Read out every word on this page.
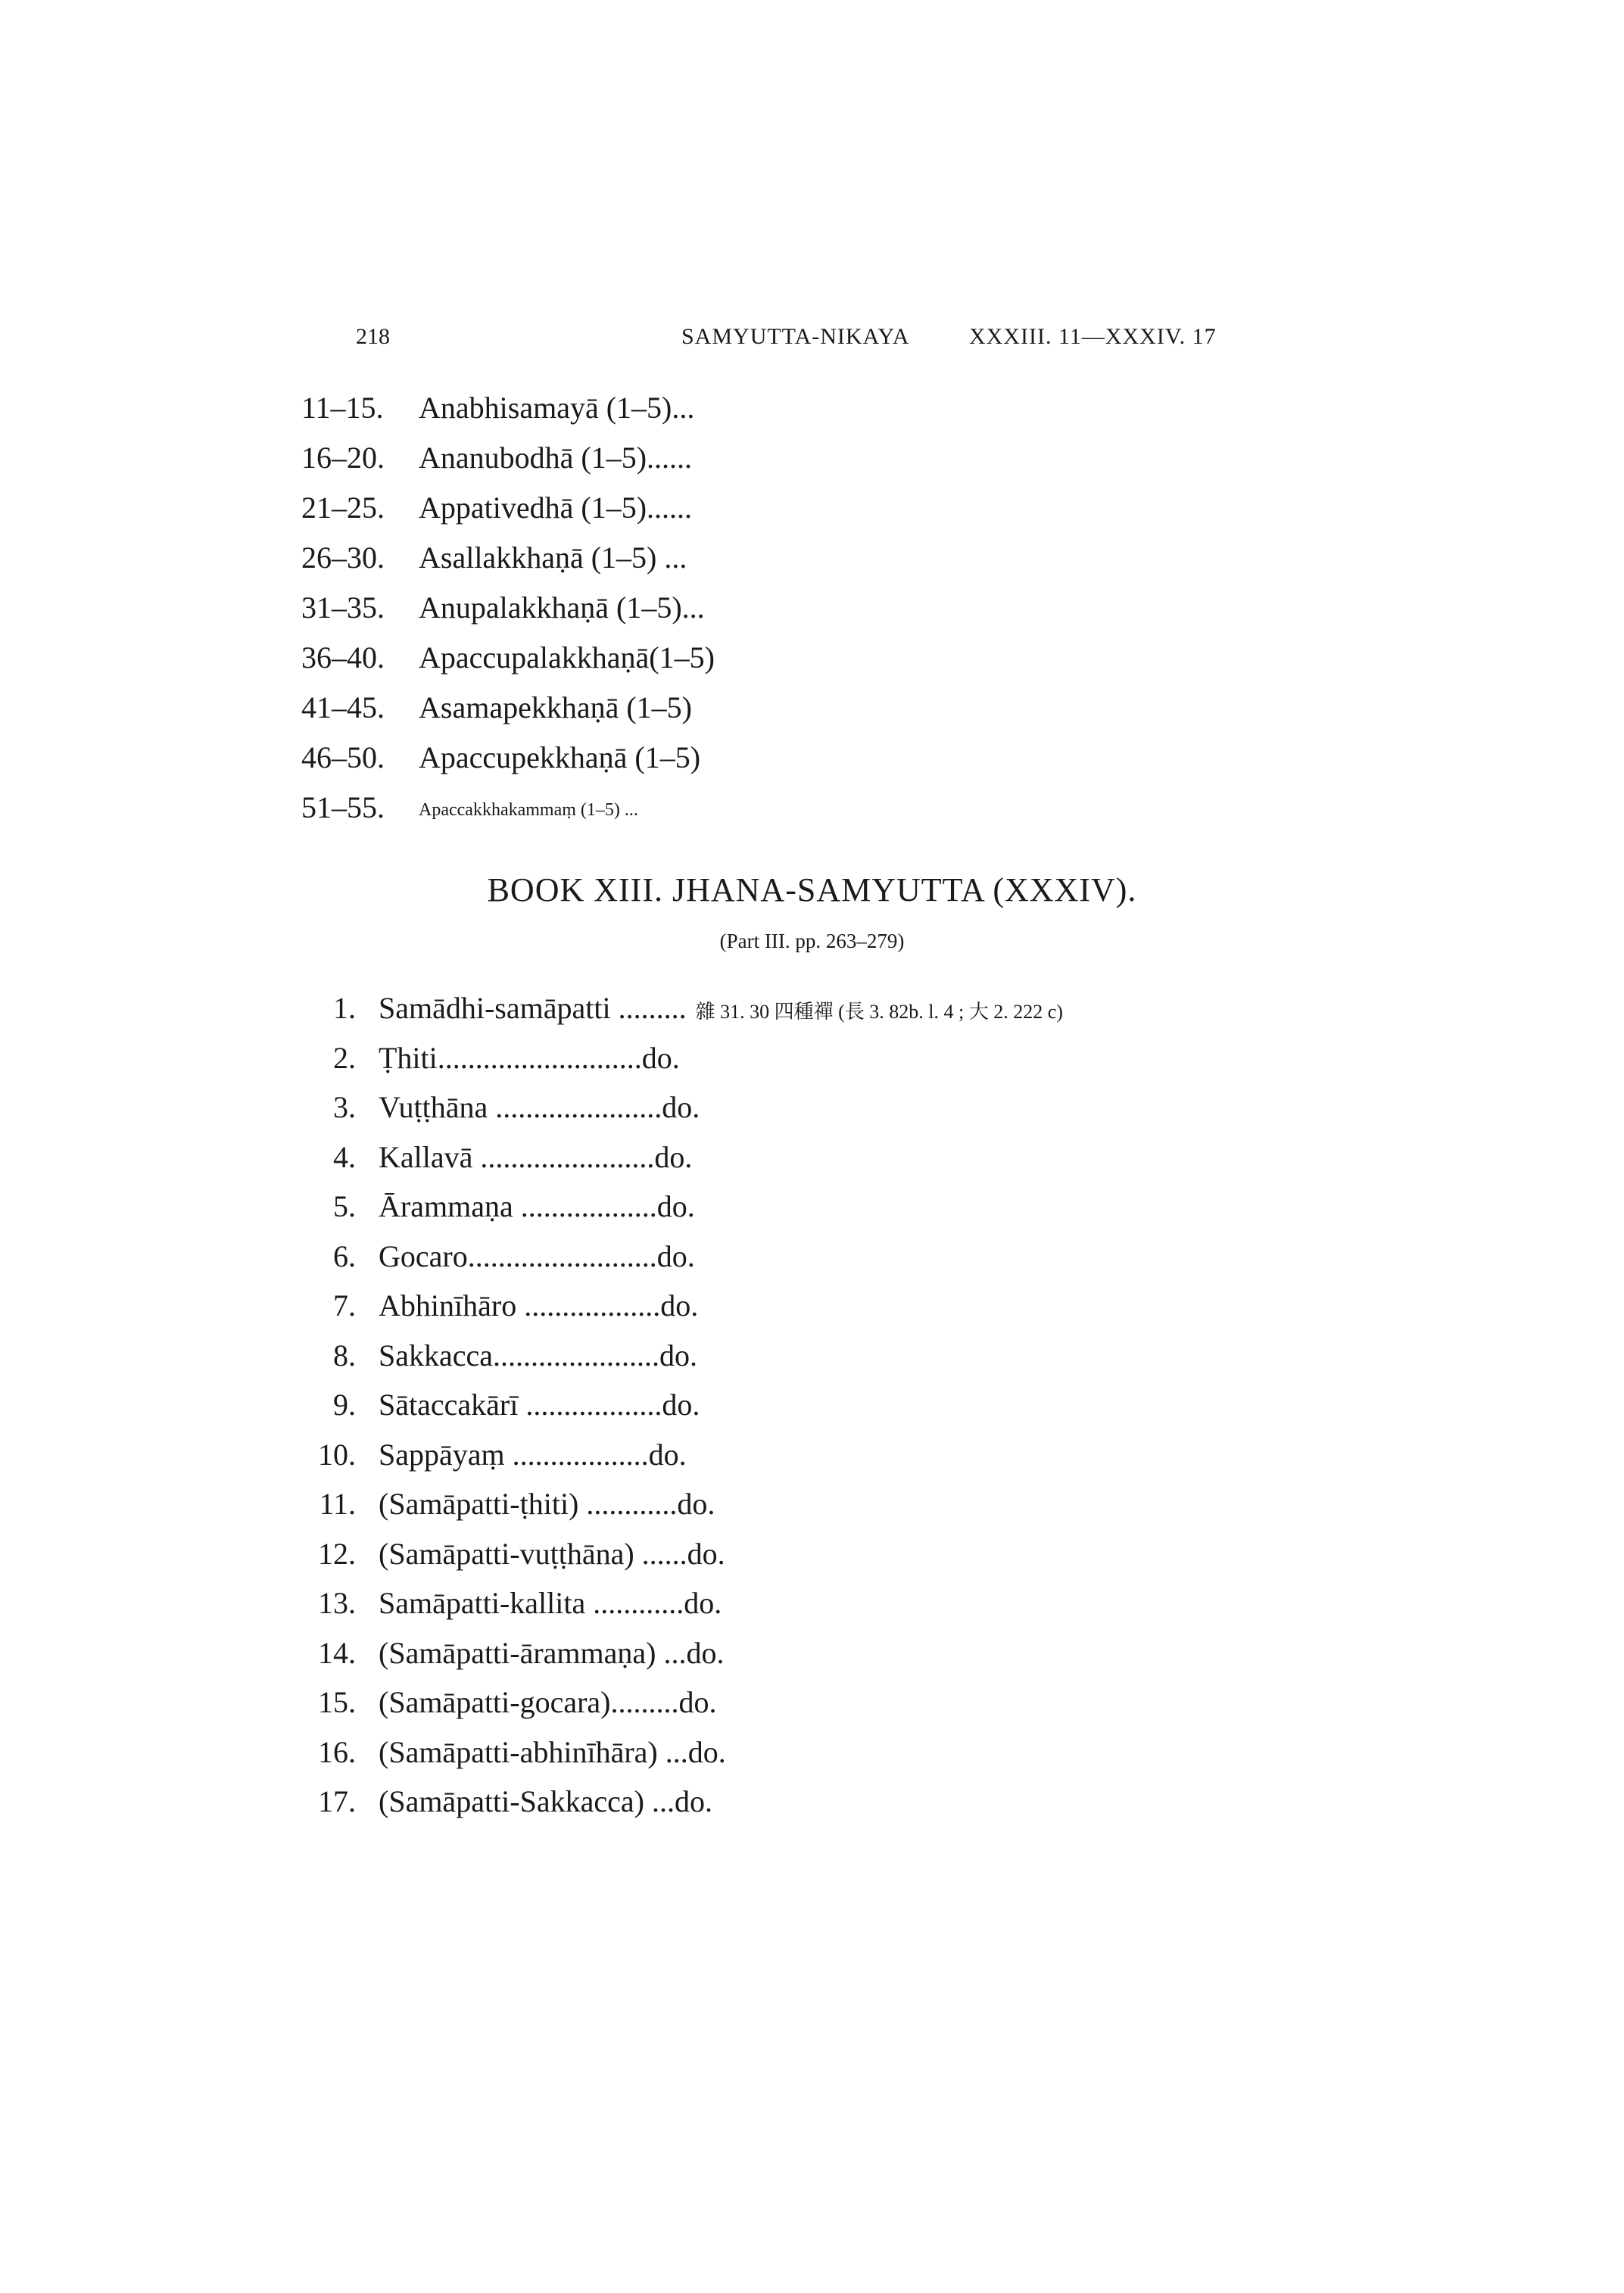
218	SAMYUTTA-NIKAYA	XXXIII. 11—XXXIV. 17
11–15.	Anabhisamayā (1–5)...
16–20.	Ananubodhā (1–5)......
21–25.	Appativedhā (1–5)......
26–30.	Asallakkhaṇā (1–5) ...
31–35.	Anupalakkhaṇā (1–5)...
36–40.	Apaccupalakkhaṇā(1–5)
41–45.	Asamapekkhaṇā (1–5)
46–50.	Apaccupekkhaṇā (1–5)
51–55.	Apaccakkhakammaṃ (1–5) ...
BOOK XIII. JHANA-SAMYUTTA (XXXIV).
(Part III. pp. 263–279)
1. Samādhi-samāpatti ......... 雜 31. 30 四種禪 (長 3. 82b. l. 4 ; 大 2. 222 c)
2. Ṭhiti...........................do.
3. Vuṭṭhāna ......................do.
4. Kallavā .......................do.
5. Ārammaṇa ..................do.
6. Gocaro.........................do.
7. Abhinīhāro ..................do.
8. Sakkacca......................do.
9. Sātaccakārī ..................do.
10. Sappāyaṃ ..................do.
11. (Samāpatti-ṭhiti) ............do.
12. (Samāpatti-vuṭṭhāna) ......do.
13. Samāpatti-kallita ............do.
14. (Samāpatti-ārammaṇa) ...do.
15. (Samāpatti-gocara).........do.
16. (Samāpatti-abhinīhāra) ...do.
17. (Samāpatti-Sakkacca) ...do.
